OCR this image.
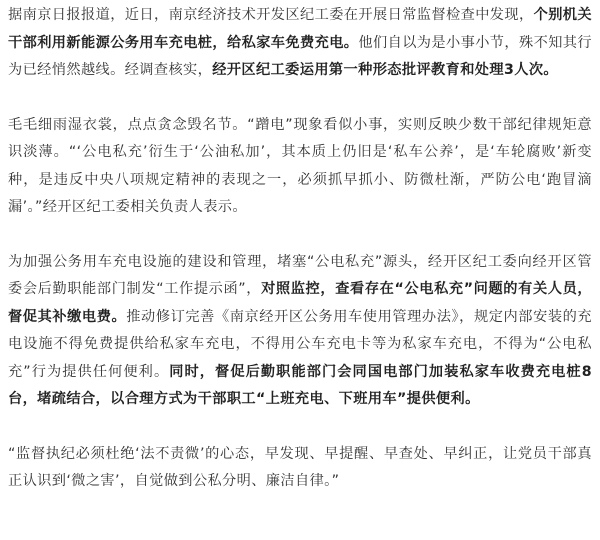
据南京日报报道，近日，南京经济技术开发区纪工委在开展日常监督检查中发现，个别机关干部利用新能源公务用车充电桩，给私家车免费充电。他们自以为是小事小节，殊不知其行为已经悄然越线。经调查核实，经开区纪工委运用第一种形态批评教育和处理3人次。

毛毛细雨湿衣裳，点点贪念毁名节。“蹭电”现象看似小事，实则反映少数干部纪律规矩意识淡薄。“‘公电私充’衍生于‘公油私加’，其本质上仍旧是‘私车公养’，是‘车轮腐败’新变种，是违反中央八项规定精神的表现之一，必须抓早抓小、防微杜渐，严防公电‘跑冒滴漏’。”经开区纪工委相关负责人表示。

为加强公务用车充电设施的建设和管理，堵塞“公电私充”源头，经开区纪工委向经开区管委会后勤职能部门制发“工作提示函”，对照监控，查看存在“公电私充”问题的有关人员，督促其补缴电费。推动修订完善《南京经开区公务用车使用管理办法》，规定内部安装的充电设施不得免费提供给私家车充电，不得用公车充电卡等为私家车充电，不得为“公电私充”行为提供任何便利。同时，督促后勤职能部门会同国电部门加装私家车收费充电桩8台，堵疏结合，以合理方式为干部职工“上班充电、下班用车”提供便利。

“监督执纪必须杜绝‘法不责微’的心态，早发现、早提醒、早查处、早纠正，让党员干部真正认识到‘微之害’，自觉做到公私分明、廉洁自律。”
